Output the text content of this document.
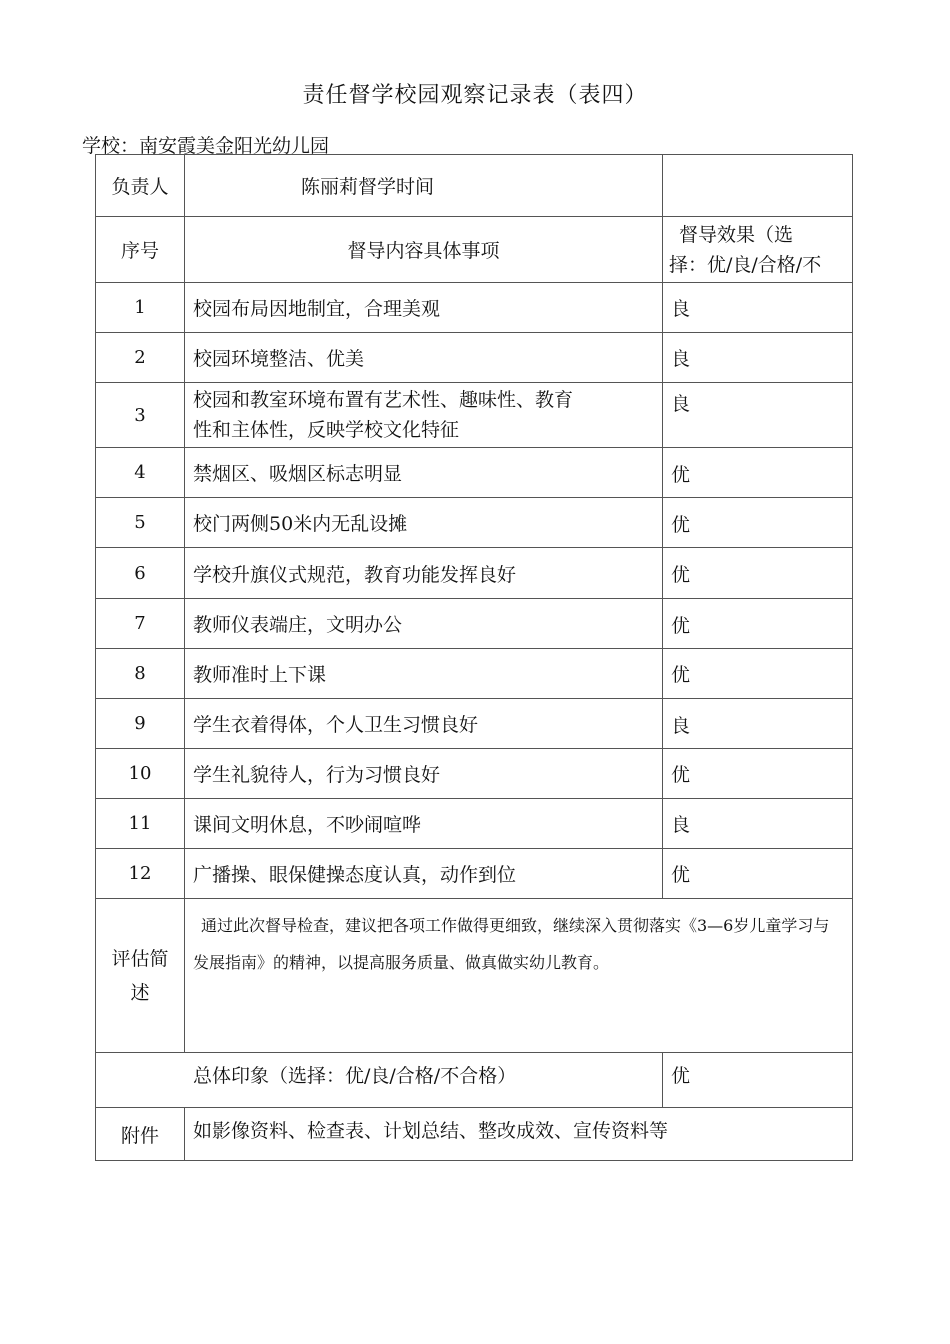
责任督学校园观察记录表（表四）
学校：南安霞美金阳光幼儿园
负责人	陈丽莉督学时间	
序号	督导内容具体事项	督导效果（选
择：优/良/合格/不

1	校园布局因地制宜，合理美观	良
2	校园环境整洁、优美	良
3	校园和教室环境布置有艺术性、趣味性、教育
性和主体性，反映学校文化特征	良
4	禁烟区、吸烟区标志明显	优
5	校门两侧50米内无乱设摊	优
6	学校升旗仪式规范，教育功能发挥良好	优
7	教师仪表端庄，文明办公	优
8	教师准时上下课	优
9	学生衣着得体，个人卫生习惯良好	良
10	学生礼貌待人，行为习惯良好	优
11	课间文明休息，不吵闹喧哗	良
12	广播操、眼保健操态度认真，动作到位	优

评估简
述	通过此次督导检查，建议把各项工作做得更细致，继续深入贯彻落实《3—6岁儿童学习与发展指南》的精神，以提高服务质量、做真做实幼儿教育。	
总体印象（选择：优/良/合格/不合格）		优
附件	如影像资料、检查表、计划总结、整改成效、宣传资料等	
